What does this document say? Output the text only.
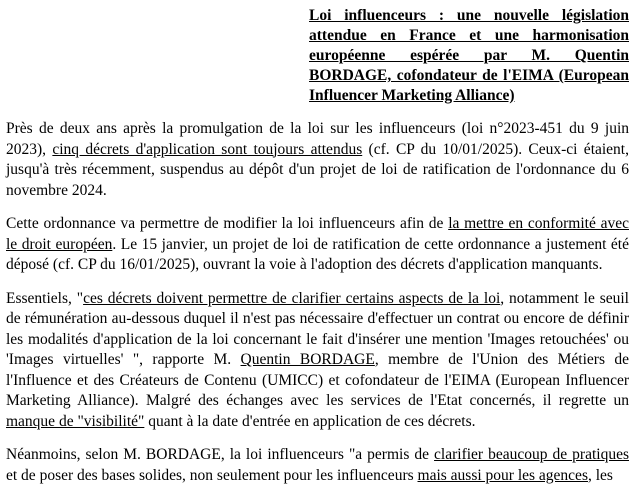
Loi influenceurs : une nouvelle législation attendue en France et une harmonisation européenne espérée par M. Quentin BORDAGE, cofondateur de l'EIMA (European Influencer Marketing Alliance)

Près de deux ans après la promulgation de la loi sur les influenceurs (loi n°2023-451 du 9 juin 2023), cinq décrets d'application sont toujours attendus (cf. CP du 10/01/2025). Ceux-ci étaient, jusqu'à très récemment, suspendus au dépôt d'un projet de loi de ratification de l'ordonnance du 6 novembre 2024.

Cette ordonnance va permettre de modifier la loi influenceurs afin de la mettre en conformité avec le droit européen. Le 15 janvier, un projet de loi de ratification de cette ordonnance a justement été déposé (cf. CP du 16/01/2025), ouvrant la voie à l'adoption des décrets d'application manquants.

Essentiels, "ces décrets doivent permettre de clarifier certains aspects de la loi, notamment le seuil de rémunération au-dessous duquel il n'est pas nécessaire d'effectuer un contrat ou encore de définir les modalités d'application de la loi concernant le fait d'insérer une mention 'Images retouchées' ou 'Images virtuelles' ", rapporte M. Quentin BORDAGE, membre de l'Union des Métiers de l'Influence et des Créateurs de Contenu (UMICC) et cofondateur de l'EIMA (European Influencer Marketing Alliance). Malgré des échanges avec les services de l'Etat concernés, il regrette un manque de "visibilité" quant à la date d'entrée en application de ces décrets.

Néanmoins, selon M. BORDAGE, la loi influenceurs "a permis de clarifier beaucoup de pratiques et de poser des bases solides, non seulement pour les influenceurs mais aussi pour les agences, les
